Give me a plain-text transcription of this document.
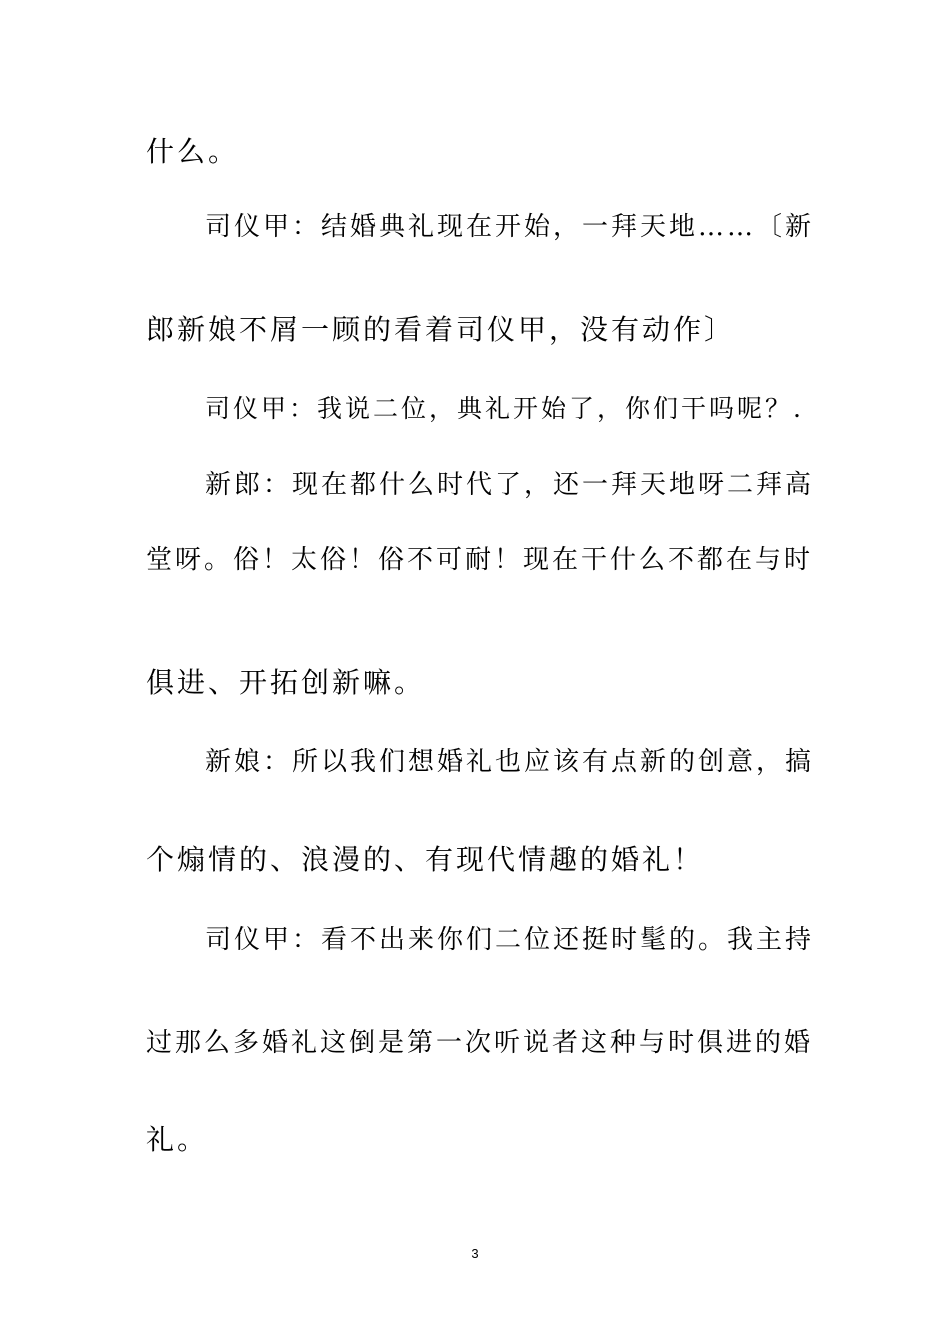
什么。
司仪甲：结婚典礼现在开始，一拜天地……〔新
郎新娘不屑一顾的看着司仪甲，没有动作〕
司仪甲：我说二位，典礼开始了，你们干吗呢？.
新郎：现在都什么时代了，还一拜天地呀二拜高
堂呀。俗！太俗！俗不可耐！现在干什么不都在与时
俱进、开拓创新嘛。
新娘：所以我们想婚礼也应该有点新的创意，搞
个煽情的、浪漫的、有现代情趣的婚礼！
司仪甲：看不出来你们二位还挺时髦的。我主持
过那么多婚礼这倒是第一次听说者这种与时俱进的婚
礼。
3
